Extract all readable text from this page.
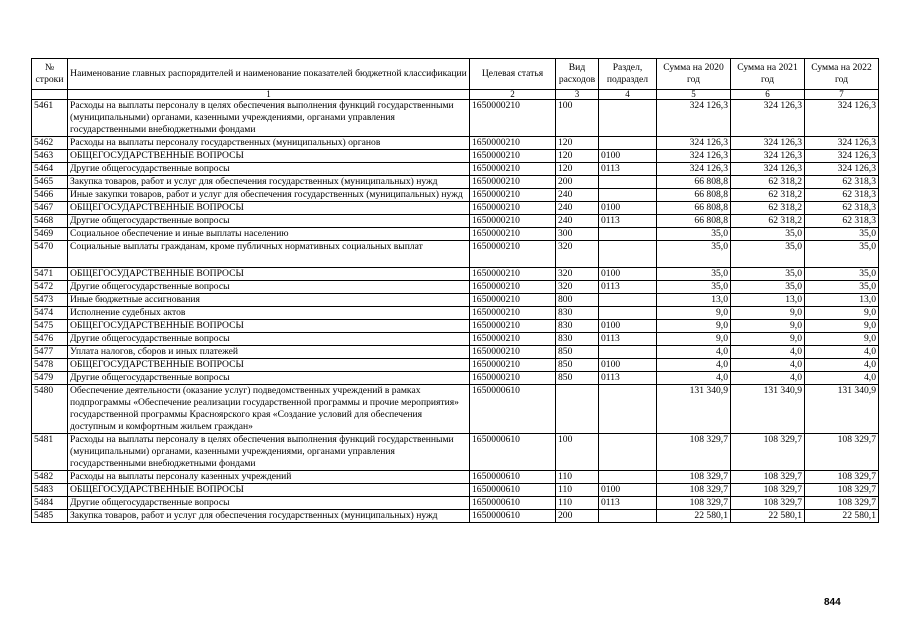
№ строки	Наименование главных распорядителей и наименование показателей бюджетной классификации	Целевая статья	Вид расходов	Раздел, подраздел	Сумма на 2020 год	Сумма на 2021 год	Сумма на 2022 год
	1	2	3	4	5	6	7
5461	Расходы на выплаты персоналу в целях обеспечения выполнения функций государственными (муниципальными) органами, казенными учреждениями, органами управления государственными внебюджетными фондами	1650000210	100		324 126,3	324 126,3	324 126,3
5462	Расходы на выплаты персоналу государственных (муниципальных) органов	1650000210	120		324 126,3	324 126,3	324 126,3
5463	ОБЩЕГОСУДАРСТВЕННЫЕ ВОПРОСЫ	1650000210	120	0100	324 126,3	324 126,3	324 126,3
5464	Другие общегосударственные вопросы	1650000210	120	0113	324 126,3	324 126,3	324 126,3
5465	Закупка товаров, работ и услуг для обеспечения государственных (муниципальных) нужд	1650000210	200		66 808,8	62 318,2	62 318,3
5466	Иные закупки товаров, работ и услуг для обеспечения государственных (муниципальных) нужд	1650000210	240		66 808,8	62 318,2	62 318,3
5467	ОБЩЕГОСУДАРСТВЕННЫЕ ВОПРОСЫ	1650000210	240	0100	66 808,8	62 318,2	62 318,3
5468	Другие общегосударственные вопросы	1650000210	240	0113	66 808,8	62 318,2	62 318,3
5469	Социальное обеспечение и иные выплаты населению	1650000210	300		35,0	35,0	35,0
5470	Социальные выплаты гражданам, кроме публичных нормативных социальных выплат	1650000210	320		35,0	35,0	35,0
5471	ОБЩЕГОСУДАРСТВЕННЫЕ ВОПРОСЫ	1650000210	320	0100	35,0	35,0	35,0
5472	Другие общегосударственные вопросы	1650000210	320	0113	35,0	35,0	35,0
5473	Иные бюджетные ассигнования	1650000210	800		13,0	13,0	13,0
5474	Исполнение судебных актов	1650000210	830		9,0	9,0	9,0
5475	ОБЩЕГОСУДАРСТВЕННЫЕ ВОПРОСЫ	1650000210	830	0100	9,0	9,0	9,0
5476	Другие общегосударственные вопросы	1650000210	830	0113	9,0	9,0	9,0
5477	Уплата налогов, сборов и иных платежей	1650000210	850		4,0	4,0	4,0
5478	ОБЩЕГОСУДАРСТВЕННЫЕ ВОПРОСЫ	1650000210	850	0100	4,0	4,0	4,0
5479	Другие общегосударственные вопросы	1650000210	850	0113	4,0	4,0	4,0
5480	Обеспечение деятельности (оказание услуг) подведомственных учреждений в рамках подпрограммы «Обеспечение реализации государственной программы и прочие мероприятия» государственной программы Красноярского края «Создание условий для обеспечения доступным и комфортным жильем граждан»	1650000610			131 340,9	131 340,9	131 340,9
5481	Расходы на выплаты персоналу в целях обеспечения выполнения функций государственными (муниципальными) органами, казенными учреждениями, органами управления государственными внебюджетными фондами	1650000610	100		108 329,7	108 329,7	108 329,7
5482	Расходы на выплаты персоналу казенных учреждений	1650000610	110		108 329,7	108 329,7	108 329,7
5483	ОБЩЕГОСУДАРСТВЕННЫЕ ВОПРОСЫ	1650000610	110	0100	108 329,7	108 329,7	108 329,7
5484	Другие общегосударственные вопросы	1650000610	110	0113	108 329,7	108 329,7	108 329,7
5485	Закупка товаров, работ и услуг для обеспечения государственных (муниципальных) нужд	1650000610	200		22 580,1	22 580,1	22 580,1
844
